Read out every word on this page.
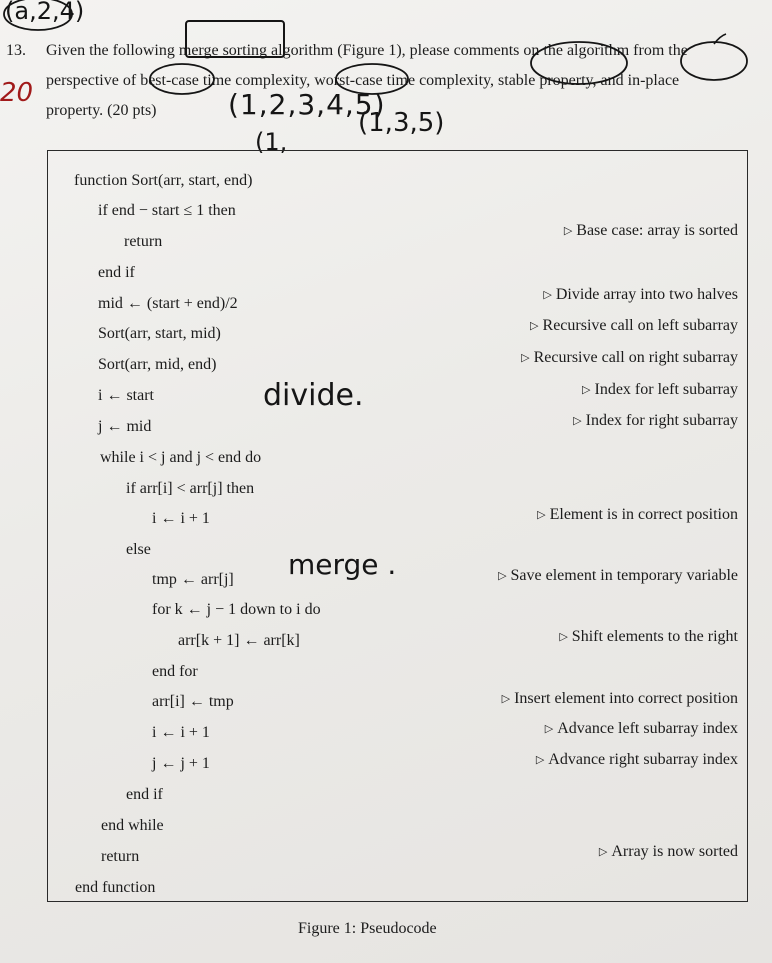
(a,2,4)
20	(1,2,3,4,5)
(1,
(1,3,5)
divide.
merge .
13. Given the following merge sorting algorithm (Figure 1), please comments on the algorithm from the
perspective of best-case time complexity, worst-case time complexity, stable property, and in-place
property. (20 pts)
function Sort(arr, start, end)
if end − start ≤ 1 then
return
▷ Base case: array is sorted
end if
mid ← (start + end)/2	▷ Divide array into two halves
Sort(arr, start, mid)	▷ Recursive call on left subarray
Sort(arr, mid, end)	▷ Recursive call on right subarray
i ← start	▷ Index for left subarray
j ← mid	▷ Index for right subarray
while i < j and j < end do
if arr[i] < arr[j] then
i ← i + 1	▷ Element is in correct position
else
tmp ← arr[j]	▷ Save element in temporary variable
for k ← j − 1 down to i do
arr[k + 1] ← arr[k]	▷ Shift elements to the right
end for
arr[i] ← tmp	▷ Insert element into correct position
i ← i + 1	▷ Advance left subarray index
j ← j + 1	▷ Advance right subarray index
end if
end while
return	▷ Array is now sorted
end function
Figure 1: Pseudocode
